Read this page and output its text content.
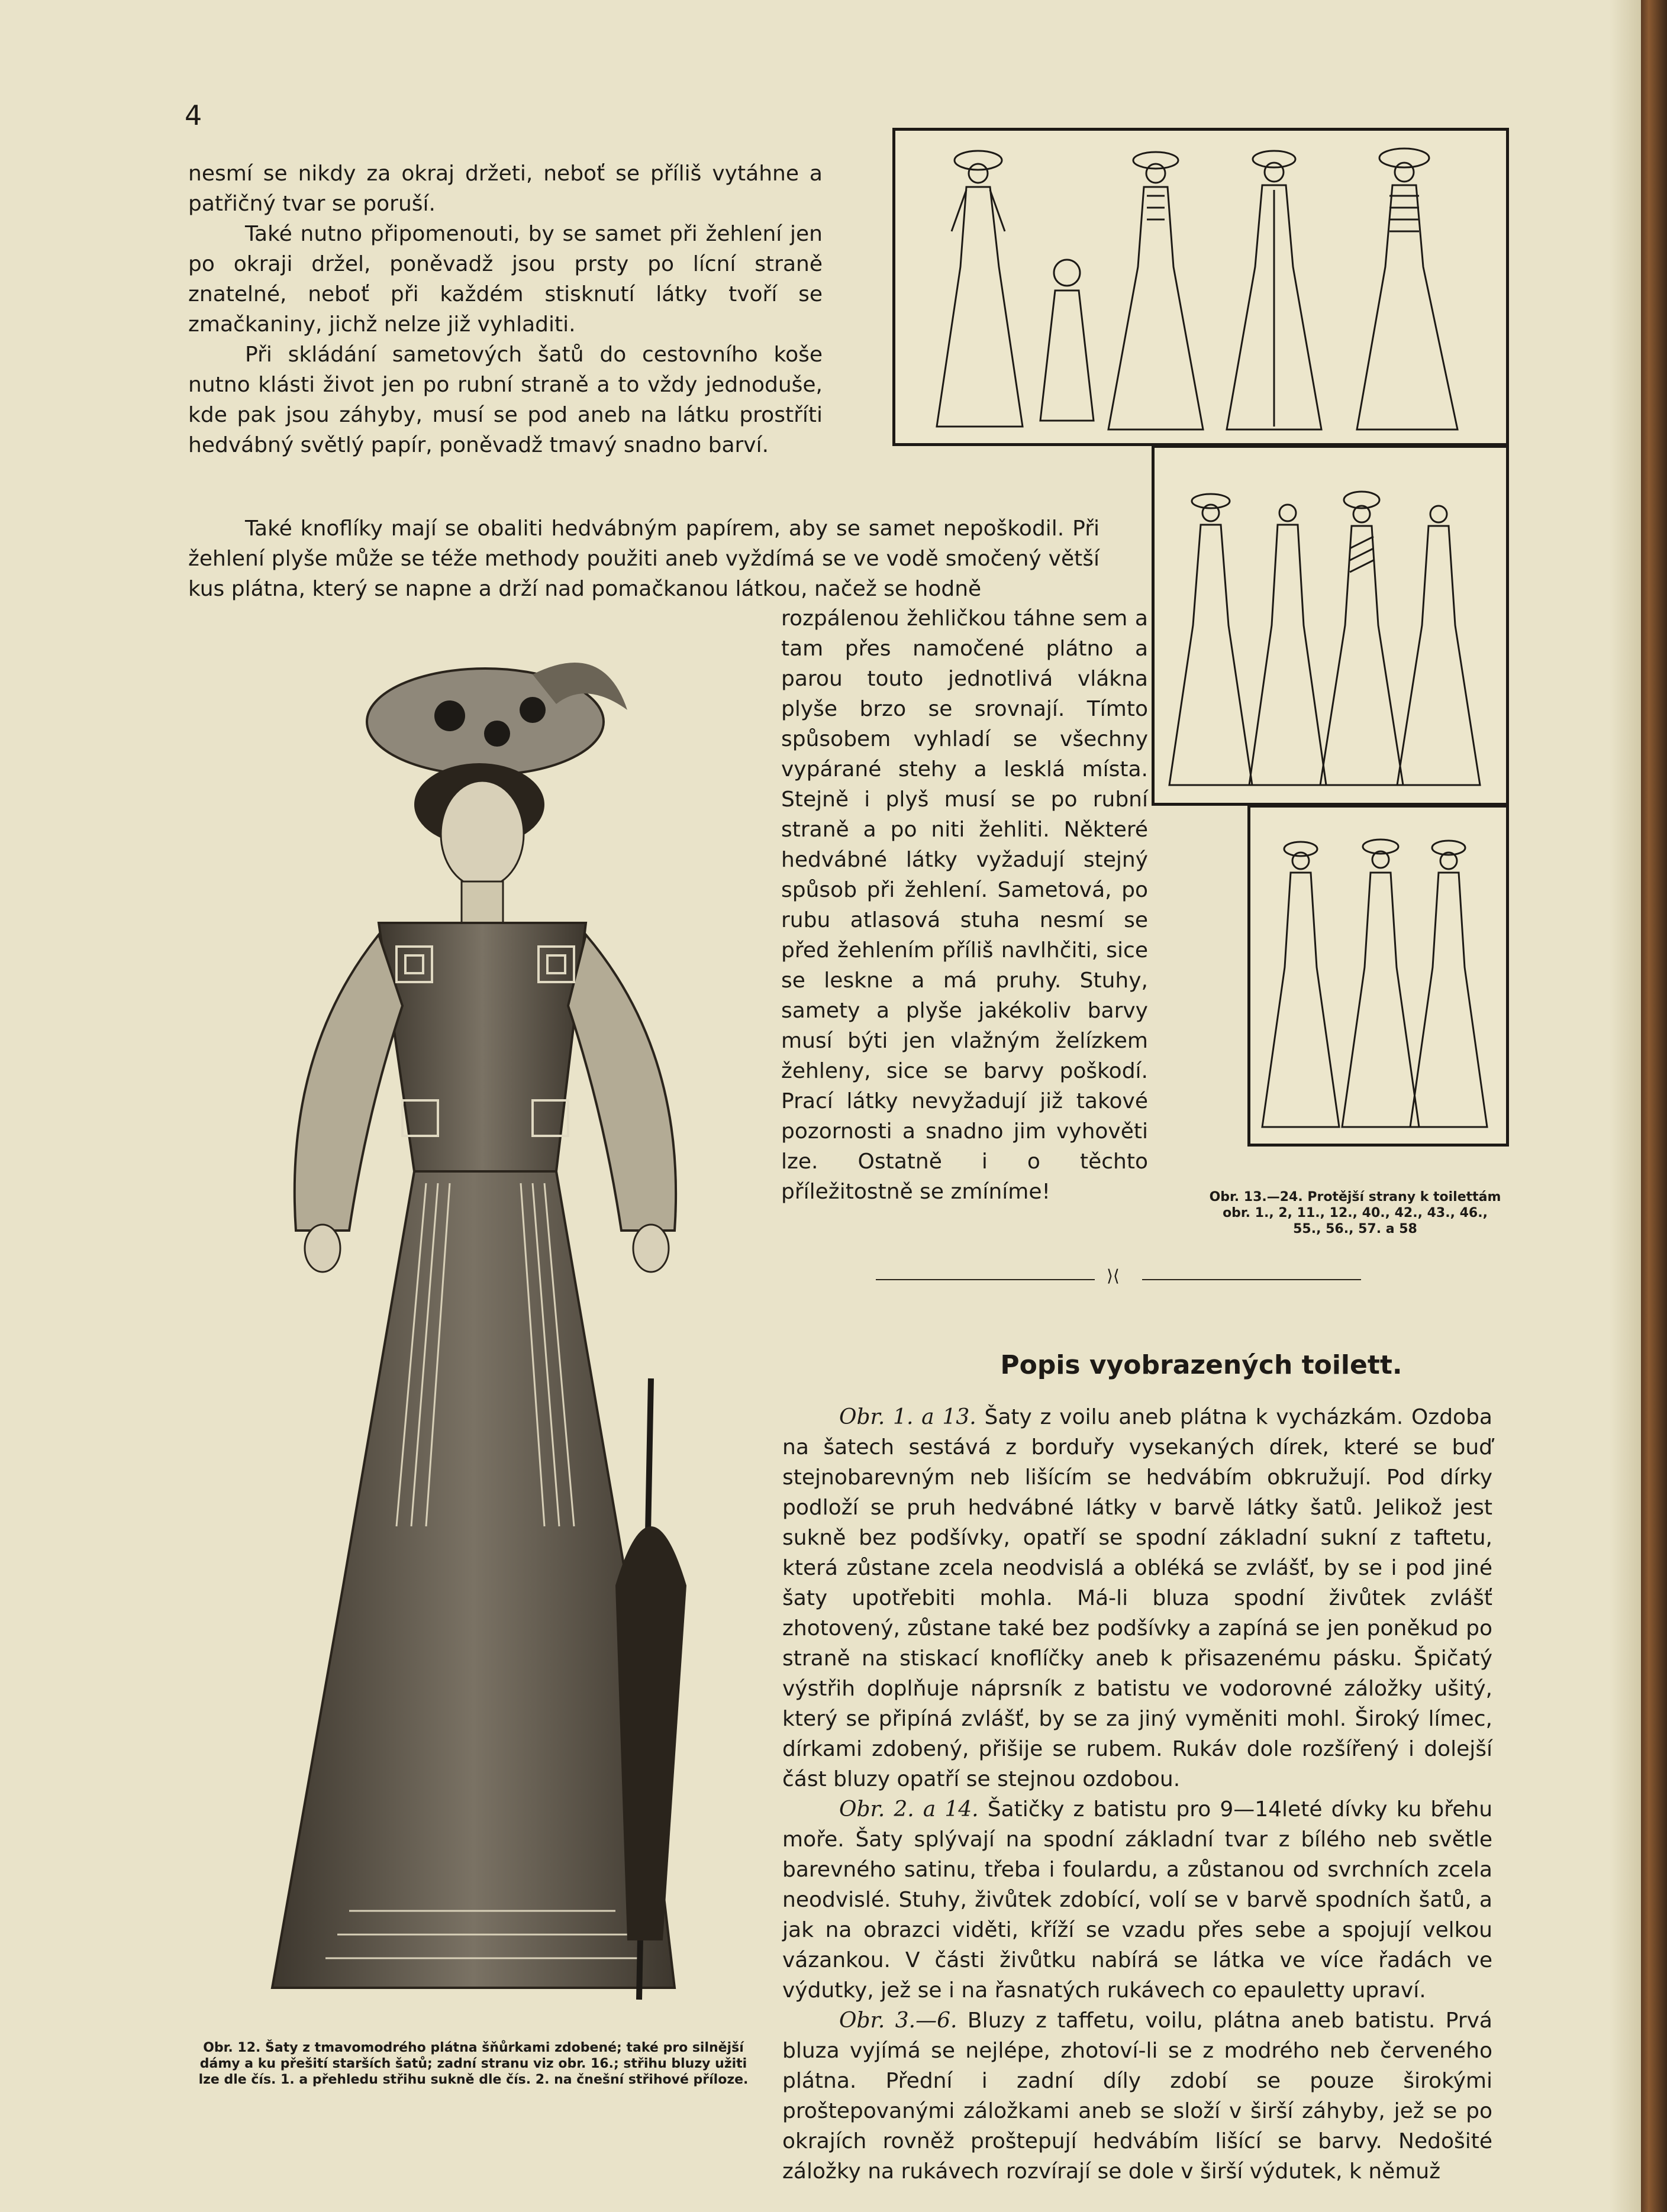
4

nesmí se nikdy za okraj držeti, neboť se příliš vytáhne a patřičný tvar se poruší.

Také nutno připomenouti, by se samet při žehlení jen po okraji držel, poněvadž jsou prsty po lícní straně znatelné, neboť při každém stisknutí látky tvoří se zmačkaniny, jichž nelze již vyhladiti.

Při skládání sametových šatů do cestovního koše nutno klásti život jen po rubní straně a to vždy jednoduše, kde pak jsou záhyby, musí se pod aneb na látku prostříti hedvábný světlý papír, poněvadž tmavý snadno barví.

Také knoflíky mají se obaliti hedvábným papírem, aby se samet nepoškodil. Při žehlení plyše může se téže methody použiti aneb vyždímá se ve vodě smočený větší kus plátna, který se napne a drží nad pomačkanou látkou, načež se hodně

rozpálenou žehličkou táhne sem a tam přes namočené plátno a parou touto jednotlivá vlákna plyše brzo se srovnají. Tímto spůsobem vyhladí se všechny vypárané stehy a lesklá místa. Stejně i plyš musí se po rubní straně a po niti žehliti. Některé hedvábné látky vyžadují stejný spůsob při žehlení. Sametová, po rubu atlasová stuha nesmí se před žehlením příliš navlhčiti, sice se leskne a má pruhy. Stuhy, samety a plyše jakékoliv barvy musí býti jen vlažným želízkem žehleny, sice se barvy poškodí. Prací látky nevyžadují již takové pozornosti a snadno jim vyhověti lze. Ostatně i o těchto příležitostně se zmíníme!	Obr. 13.—24. Protější strany k toilettám obr. 1., 2, 11., 12., 40., 42., 43., 46., 55., 56., 57. a 58
Obr. 12. Šaty z tmavomodrého plátna šňůrkami zdobené; také pro silnější dámy a ku přešití starších šatů; zadní stranu viz obr. 16.; střihu bluzy užiti lze dle čís. 1. a přehledu střihu sukně dle čís. 2. na čnešní střihové příloze.
⟩⟨
Popis vyobrazených toilett.

Obr. 1. a 13. Šaty z voilu aneb plátna k vycházkám. Ozdoba na šatech sestává z borduřy vysekaných dírek, které se buď stejnobarevným neb lišícím se hedvábím obkružují. Pod dírky podloží se pruh hedvábné látky v barvě látky šatů. Jelikož jest sukně bez podšívky, opatří se spodní základní sukní z taftetu, která zůstane zcela neodvislá a obléká se zvlášť, by se i pod jiné šaty upotřebiti mohla. Má-li bluza spodní živůtek zvlášť zhotovený, zůstane také bez podšívky a zapíná se jen poněkud po straně na stiskací knoflíčky aneb k přisazenému pásku. Špičatý výstřih doplňuje náprsník z batistu ve vodorovné záložky ušitý, který se připíná zvlášť, by se za jiný vyměniti mohl. Široký límec, dírkami zdobený, přišije se rubem. Rukáv dole rozšířený i dolejší část bluzy opatří se stejnou ozdobou.

Obr. 2. a 14. Šatičky z batistu pro 9—14leté dívky ku břehu moře. Šaty splývají na spodní základní tvar z bílého neb světle barevného satinu, třeba i foulardu, a zůstanou od svrchních zcela neodvislé. Stuhy, živůtek zdobící, volí se v barvě spodních šatů, a jak na obrazci viděti, kříží se vzadu přes sebe a spojují velkou vázankou. V části živůtku nabírá se látka ve více řadách ve výdutky, jež se i na řasnatých rukávech co epauletty upraví.

Obr. 3.—6. Bluzy z taffetu, voilu, plátna aneb batistu. Prvá bluza vyjímá se nejlépe, zhotoví-li se z modrého neb červeného plátna. Přední i zadní díly zdobí se pouze širokými proštepovanými záložkami aneb se složí v širší záhyby, jež se po okrajích rovněž proštepují hedvábím lišící se barvy. Nedošité záložky na rukávech rozvírají se dole v širší výdutek, k němuž
